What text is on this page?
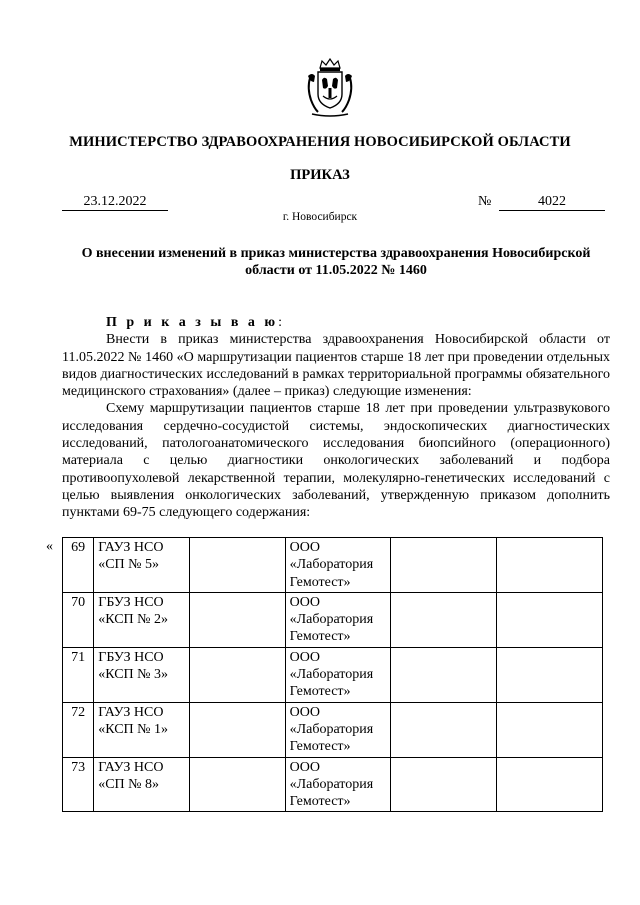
МИНИСТЕРСТВО ЗДРАВООХРАНЕНИЯ НОВОСИБИРСКОЙ ОБЛАСТИ
ПРИКАЗ
23.12.2022	№	4022
г. Новосибирск
О внесении изменений в приказ министерства здравоохранения Новосибирской области от 11.05.2022 № 1460

П р и к а з ы в а ю:

Внести в приказ министерства здравоохранения Новосибирской области от 11.05.2022 № 1460 «О маршрутизации пациентов старше 18 лет при проведении отдельных видов диагностических исследований в рамках территориальной программы обязательного медицинского страхования» (далее – приказ) следующие изменения:

Схему маршрутизации пациентов старше 18 лет при проведении ультразвукового исследования сердечно-сосудистой системы, эндоскопических диагностических исследований, патологоанатомического исследования биопсийного (операционного) материала с целью диагностики онкологических заболеваний и подбора противоопухолевой лекарственной терапии, молекулярно-генетических исследований с целью выявления онкологических заболеваний, утвержденную приказом дополнить пунктами 69-75 следующего содержания:

« 69	ГАУЗ НСО «СП № 5»		ООО «Лаборатория Гемотест»		
70	ГБУЗ НСО «КСП № 2»		ООО «Лаборатория Гемотест»		
71	ГБУЗ НСО «КСП № 3»		ООО «Лаборатория Гемотест»		
72	ГАУЗ НСО «КСП № 1»		ООО «Лаборатория Гемотест»		
73	ГАУЗ НСО «СП № 8»		ООО «Лаборатория Гемотест»		
